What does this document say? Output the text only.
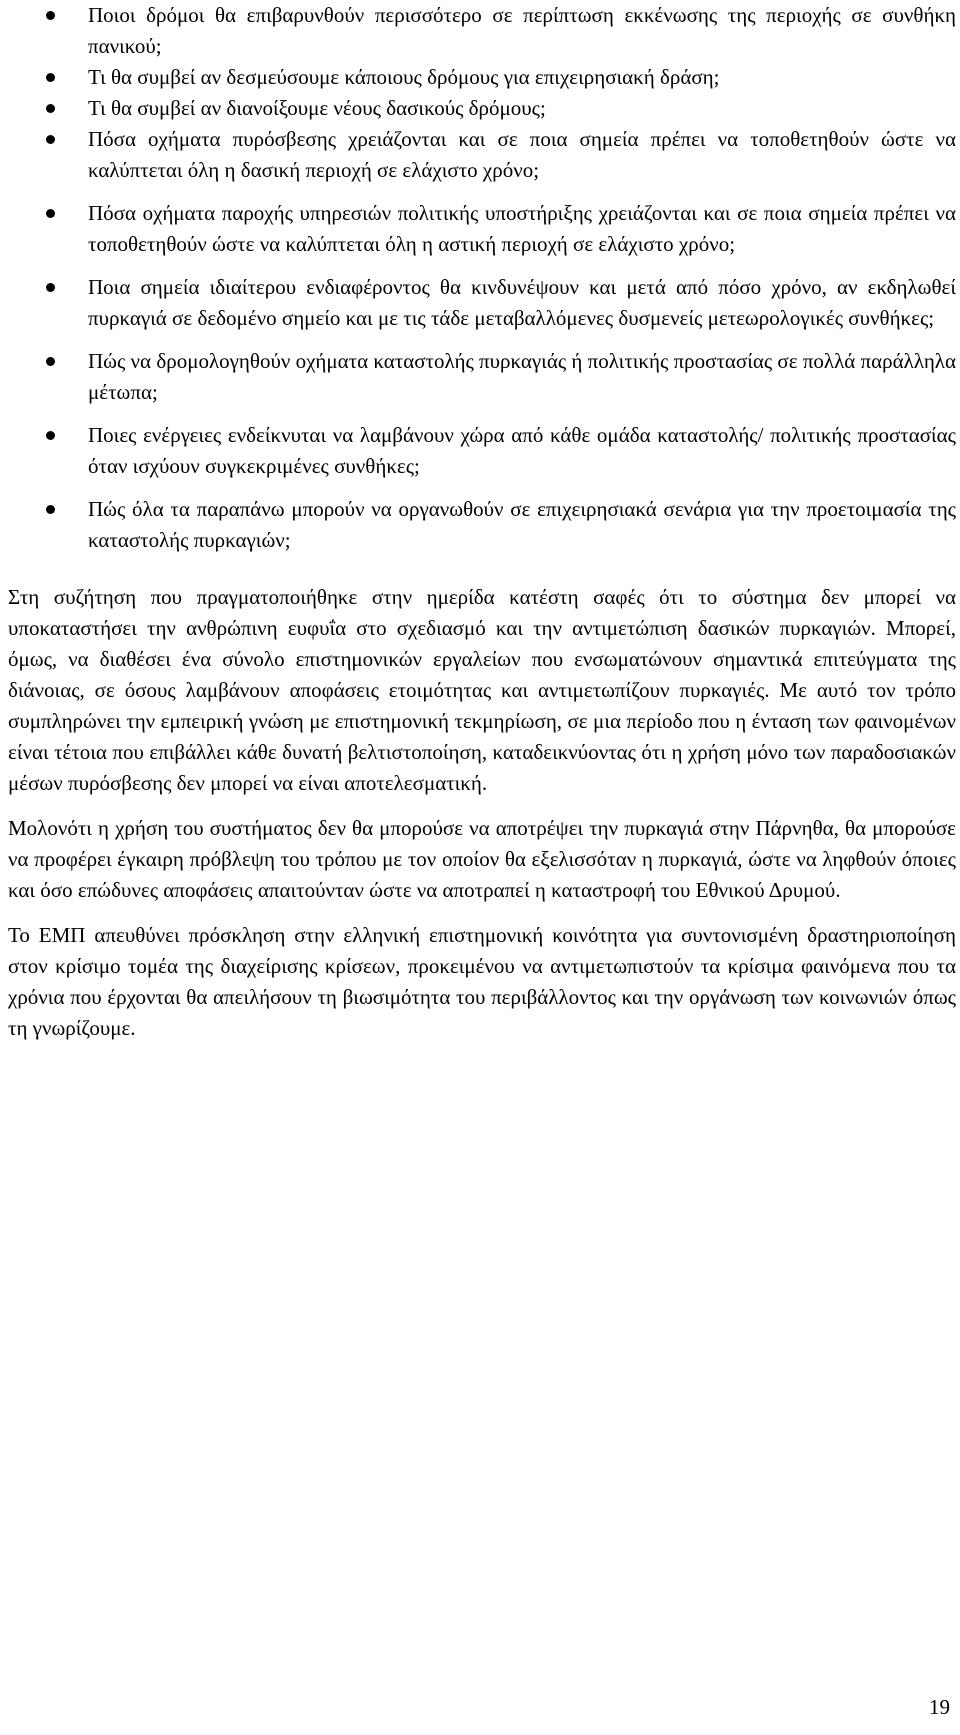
Ποιοι δρόμοι θα επιβαρυνθούν περισσότερο σε περίπτωση εκκένωσης της περιοχής σε συνθήκη πανικού;
Τι θα συμβεί αν δεσμεύσουμε κάποιους δρόμους για επιχειρησιακή δράση;
Τι θα συμβεί αν διανοίξουμε νέους δασικούς δρόμους;
Πόσα οχήματα πυρόσβεσης χρειάζονται και σε ποια σημεία πρέπει να τοποθετηθούν ώστε να καλύπτεται όλη η δασική περιοχή σε ελάχιστο χρόνο;
Πόσα οχήματα παροχής υπηρεσιών πολιτικής υποστήριξης χρειάζονται και σε ποια σημεία πρέπει να τοποθετηθούν ώστε να καλύπτεται όλη η αστική περιοχή σε ελάχιστο χρόνο;
Ποια σημεία ιδιαίτερου ενδιαφέροντος θα κινδυνέψουν και μετά από πόσο χρόνο, αν εκδηλωθεί πυρκαγιά σε δεδομένο σημείο και με τις τάδε μεταβαλλόμενες δυσμενείς μετεωρολογικές συνθήκες;
Πώς να δρομολογηθούν οχήματα καταστολής πυρκαγιάς ή πολιτικής προστασίας σε πολλά παράλληλα μέτωπα;
Ποιες ενέργειες ενδείκνυται να λαμβάνουν χώρα από κάθε ομάδα καταστολής/ πολιτικής προστασίας όταν ισχύουν συγκεκριμένες συνθήκες;
Πώς όλα τα παραπάνω μπορούν να οργανωθούν σε επιχειρησιακά σενάρια για την προετοιμασία της καταστολής πυρκαγιών;

Στη συζήτηση που πραγματοποιήθηκε στην ημερίδα κατέστη σαφές ότι το σύστημα δεν μπορεί να υποκαταστήσει την ανθρώπινη ευφυΐα στο σχεδιασμό και την αντιμετώπιση δασικών πυρκαγιών. Μπορεί, όμως, να διαθέσει ένα σύνολο επιστημονικών εργαλείων που ενσωματώνουν σημαντικά επιτεύγματα της διάνοιας, σε όσους λαμβάνουν αποφάσεις ετοιμότητας και αντιμετωπίζουν πυρκαγιές. Με αυτό τον τρόπο συμπληρώνει την εμπειρική γνώση με επιστημονική τεκμηρίωση, σε μια περίοδο που η ένταση των φαινομένων είναι τέτοια που επιβάλλει κάθε δυνατή βελτιστοποίηση, καταδεικνύοντας ότι η χρήση μόνο των παραδοσιακών μέσων πυρόσβεσης δεν μπορεί να είναι αποτελεσματική.

Μολονότι η χρήση του συστήματος δεν θα μπορούσε να αποτρέψει την πυρκαγιά στην Πάρνηθα, θα μπορούσε να προφέρει έγκαιρη πρόβλεψη του τρόπου με τον οποίον θα εξελισσόταν η πυρκαγιά, ώστε να ληφθούν όποιες και όσο επώδυνες αποφάσεις απαιτούνταν ώστε να αποτραπεί η καταστροφή του Εθνικού Δρυμού.

Το ΕΜΠ απευθύνει πρόσκληση στην ελληνική επιστημονική κοινότητα για συντονισμένη δραστηριοποίηση στον κρίσιμο τομέα της διαχείρισης κρίσεων, προκειμένου να αντιμετωπιστούν τα κρίσιμα φαινόμενα που τα χρόνια που έρχονται θα απειλήσουν τη βιωσιμότητα του περιβάλλοντος και την οργάνωση των κοινωνιών όπως τη γνωρίζουμε.

19
